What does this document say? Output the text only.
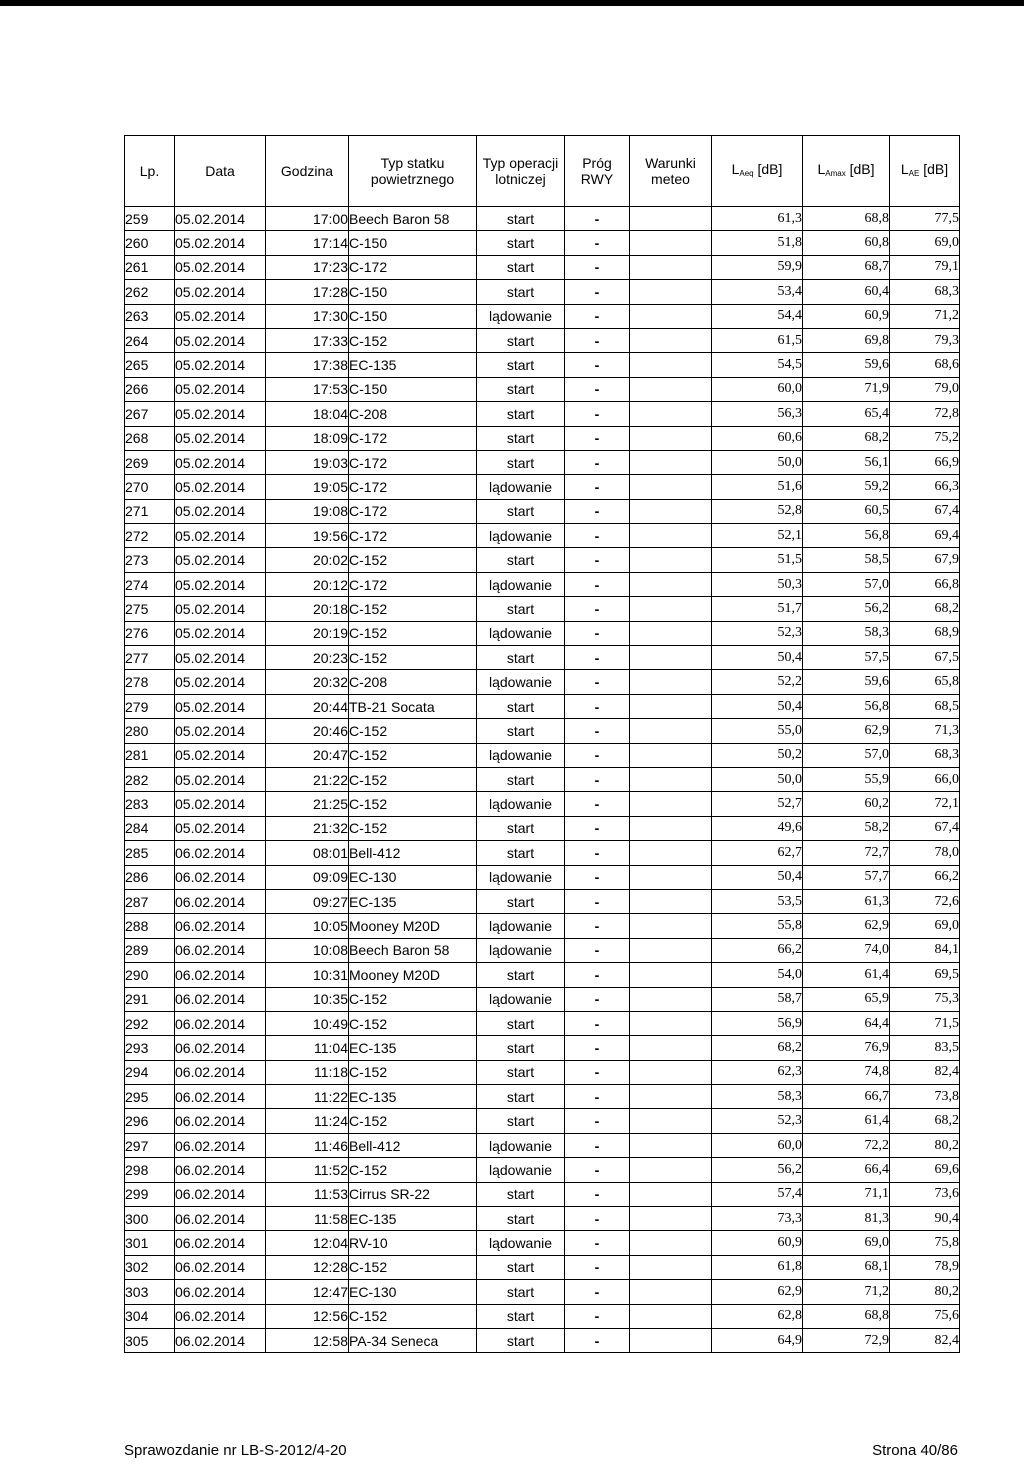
Lp.	Data	Godzina	Typ statku powietrznego	Typ operacji lotniczej	Próg RWY	Warunki meteo	$L_{Aeq}$ [dB]	$L_{Amax}$ [dB]	$L_{AE}$ [dB]
259	05.02.2014	17:00	Beech Baron 58	start	-		61,3	68,8	77,5
260	05.02.2014	17:14	C-150	start	-		51,8	60,8	69,0
261	05.02.2014	17:23	C-172	start	-		59,9	68,7	79,1
262	05.02.2014	17:28	C-150	start	-		53,4	60,4	68,3
263	05.02.2014	17:30	C-150	lądowanie	-		54,4	60,9	71,2
264	05.02.2014	17:33	C-152	start	-		61,5	69,8	79,3
265	05.02.2014	17:38	EC-135	start	-		54,5	59,6	68,6
266	05.02.2014	17:53	C-150	start	-		60,0	71,9	79,0
267	05.02.2014	18:04	C-208	start	-		56,3	65,4	72,8
268	05.02.2014	18:09	C-172	start	-		60,6	68,2	75,2
269	05.02.2014	19:03	C-172	start	-		50,0	56,1	66,9
270	05.02.2014	19:05	C-172	lądowanie	-		51,6	59,2	66,3
271	05.02.2014	19:08	C-172	start	-		52,8	60,5	67,4
272	05.02.2014	19:56	C-172	lądowanie	-		52,1	56,8	69,4
273	05.02.2014	20:02	C-152	start	-		51,5	58,5	67,9
274	05.02.2014	20:12	C-172	lądowanie	-		50,3	57,0	66,8
275	05.02.2014	20:18	C-152	start	-		51,7	56,2	68,2
276	05.02.2014	20:19	C-152	lądowanie	-		52,3	58,3	68,9
277	05.02.2014	20:23	C-152	start	-		50,4	57,5	67,5
278	05.02.2014	20:32	C-208	lądowanie	-		52,2	59,6	65,8
279	05.02.2014	20:44	TB-21 Socata	start	-		50,4	56,8	68,5
280	05.02.2014	20:46	C-152	start	-		55,0	62,9	71,3
281	05.02.2014	20:47	C-152	lądowanie	-		50,2	57,0	68,3
282	05.02.2014	21:22	C-152	start	-		50,0	55,9	66,0
283	05.02.2014	21:25	C-152	lądowanie	-		52,7	60,2	72,1
284	05.02.2014	21:32	C-152	start	-		49,6	58,2	67,4
285	06.02.2014	08:01	Bell-412	start	-		62,7	72,7	78,0
286	06.02.2014	09:09	EC-130	lądowanie	-		50,4	57,7	66,2
287	06.02.2014	09:27	EC-135	start	-		53,5	61,3	72,6
288	06.02.2014	10:05	Mooney M20D	lądowanie	-		55,8	62,9	69,0
289	06.02.2014	10:08	Beech Baron 58	lądowanie	-		66,2	74,0	84,1
290	06.02.2014	10:31	Mooney M20D	start	-		54,0	61,4	69,5
291	06.02.2014	10:35	C-152	lądowanie	-		58,7	65,9	75,3
292	06.02.2014	10:49	C-152	start	-		56,9	64,4	71,5
293	06.02.2014	11:04	EC-135	start	-		68,2	76,9	83,5
294	06.02.2014	11:18	C-152	start	-		62,3	74,8	82,4
295	06.02.2014	11:22	EC-135	start	-		58,3	66,7	73,8
296	06.02.2014	11:24	C-152	start	-		52,3	61,4	68,2
297	06.02.2014	11:46	Bell-412	lądowanie	-		60,0	72,2	80,2
298	06.02.2014	11:52	C-152	lądowanie	-		56,2	66,4	69,6
299	06.02.2014	11:53	Cirrus SR-22	start	-		57,4	71,1	73,6
300	06.02.2014	11:58	EC-135	start	-		73,3	81,3	90,4
301	06.02.2014	12:04	RV-10	lądowanie	-		60,9	69,0	75,8
302	06.02.2014	12:28	C-152	start	-		61,8	68,1	78,9
303	06.02.2014	12:47	EC-130	start	-		62,9	71,2	80,2
304	06.02.2014	12:56	C-152	start	-		62,8	68,8	75,6
305	06.02.2014	12:58	PA-34 Seneca	start	-		64,9	72,9	82,4
Sprawozdanie nr LB-S-2012/4-20	Strona 40/86
